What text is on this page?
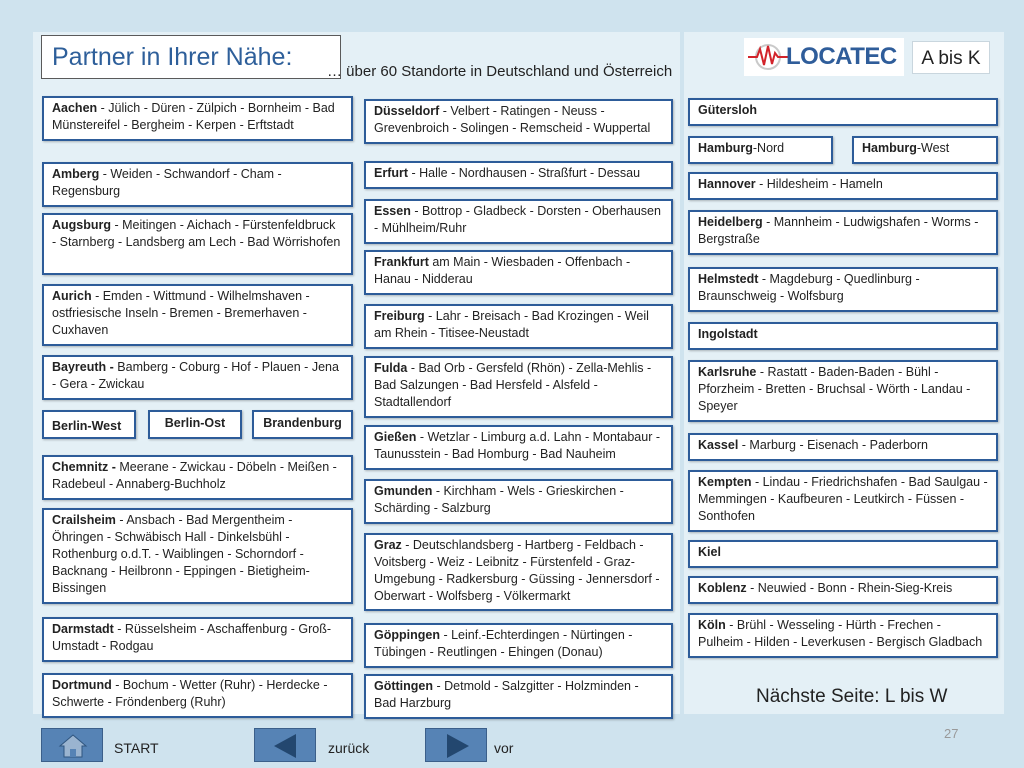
Partner in Ihrer Nähe:
… über 60 Standorte in Deutschland und Österreich
LOCATEC	A bis K
Aachen - Jülich - Düren - Zülpich - Bornheim - Bad Münstereifel - Bergheim - Kerpen - Erftstadt
Amberg - Weiden - Schwandorf - Cham - Regensburg
Augsburg - Meitingen - Aichach - Fürstenfeldbruck - Starnberg - Landsberg am Lech - Bad Wörrishofen
Aurich - Emden - Wittmund - Wilhelmshaven - ostfriesische Inseln - Bremen - Bremerhaven - Cuxhaven
Bayreuth - Bamberg - Coburg - Hof - Plauen - Jena - Gera - Zwickau
Berlin-West	Berlin-Ost	Brandenburg
Chemnitz - Meerane - Zwickau - Döbeln - Meißen - Radebeul - Annaberg-Buchholz
Crailsheim - Ansbach - Bad Mergentheim - Öhringen - Schwäbisch Hall - Dinkelsbühl - Rothenburg o.d.T. - Waiblingen - Schorndorf - Backnang - Heilbronn - Eppingen - Bietigheim-Bissingen
Darmstadt - Rüsselsheim - Aschaffenburg - Groß-Umstadt - Rodgau
Dortmund - Bochum - Wetter (Ruhr) - Herdecke - Schwerte - Fröndenberg (Ruhr)
Düsseldorf - Velbert - Ratingen - Neuss - Grevenbroich - Solingen - Remscheid - Wuppertal
Erfurt - Halle - Nordhausen - Straßfurt - Dessau
Essen - Bottrop - Gladbeck - Dorsten - Oberhausen - Mühlheim/Ruhr
Frankfurt am Main - Wiesbaden - Offenbach - Hanau - Nidderau
Freiburg - Lahr - Breisach - Bad Krozingen - Weil am Rhein - Titisee-Neustadt
Fulda - Bad Orb - Gersfeld (Rhön) - Zella-Mehlis - Bad Salzungen - Bad Hersfeld - Alsfeld - Stadtallendorf
Gießen - Wetzlar - Limburg a.d. Lahn - Montabaur - Taunusstein - Bad Homburg - Bad Nauheim
Gmunden - Kirchham - Wels - Grieskirchen - Schärding - Salzburg
Graz - Deutschlandsberg - Hartberg - Feldbach - Voitsberg - Weiz - Leibnitz - Fürstenfeld - Graz-Umgebung - Radkersburg - Güssing - Jennersdorf - Oberwart - Wolfsberg - Völkermarkt
Göppingen - Leinf.-Echterdingen - Nürtingen - Tübingen - Reutlingen - Ehingen (Donau)
Göttingen - Detmold - Salzgitter - Holzminden - Bad Harzburg
Gütersloh
Hamburg-Nord	Hamburg-West
Hannover - Hildesheim - Hameln
Heidelberg - Mannheim - Ludwigshafen - Worms - Bergstraße
Helmstedt - Magdeburg - Quedlinburg - Braunschweig - Wolfsburg
Ingolstadt
Karlsruhe - Rastatt - Baden-Baden - Bühl - Pforzheim - Bretten - Bruchsal - Wörth - Landau - Speyer
Kassel - Marburg - Eisenach - Paderborn
Kempten - Lindau - Friedrichshafen - Bad Saulgau - Memmingen - Kaufbeuren - Leutkirch - Füssen - Sonthofen
Kiel
Koblenz - Neuwied - Bonn - Rhein-Sieg-Kreis
Köln - Brühl - Wesseling - Hürth - Frechen - Pulheim - Hilden - Leverkusen - Bergisch Gladbach
Nächste Seite: L bis W
27
START	zurück	vor
